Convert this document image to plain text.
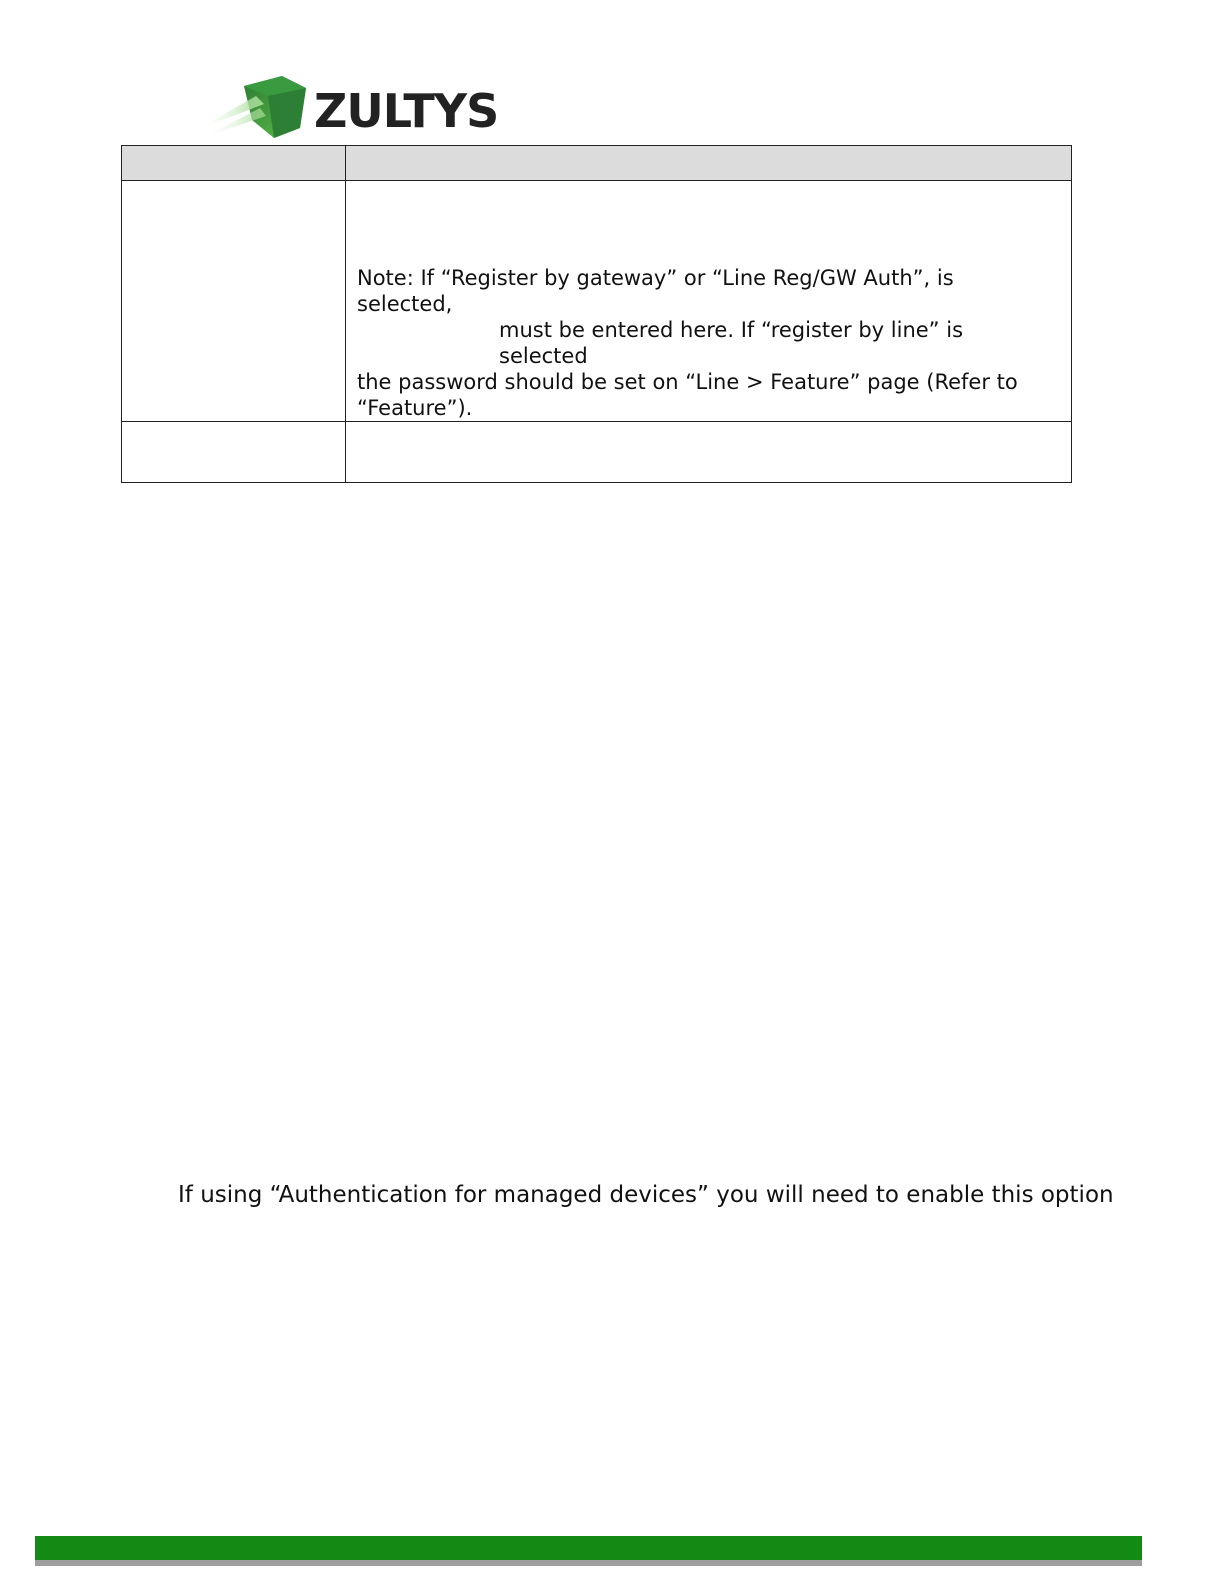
ZULTYS

	Note: If “Register by gateway” or “Line Reg/GW Auth”, is selected,
must be entered here. If “register by line” is selected
the password should be set on “Line > Feature” page (Refer to
“Feature”).

If using “Authentication for managed devices” you will need to enable this option
